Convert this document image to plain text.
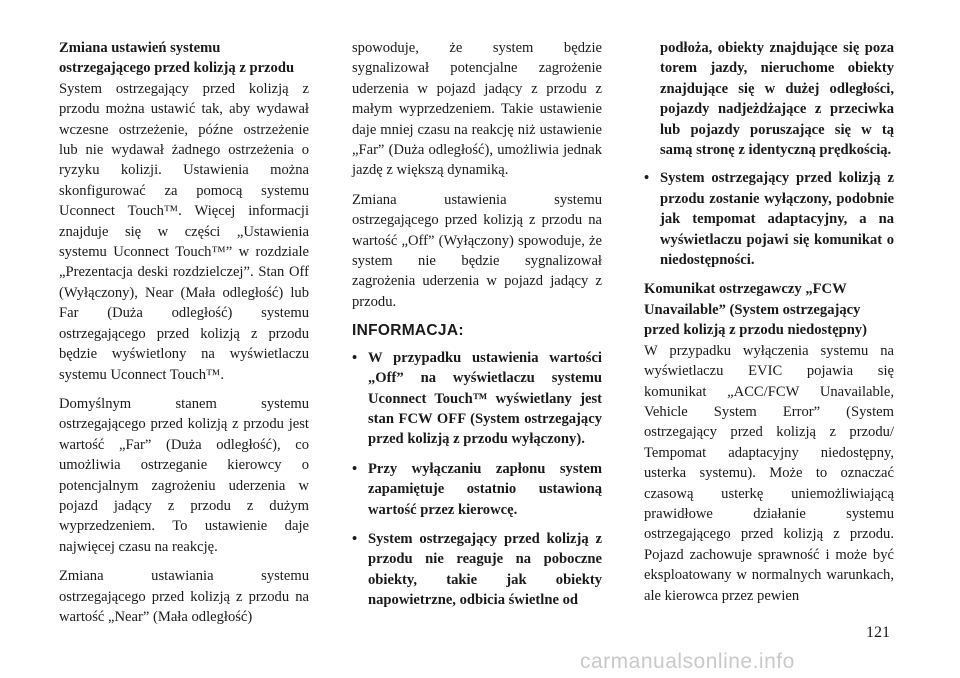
Zmiana ustawień systemu
ostrzegającego przed kolizją z przodu

System ostrzegający przed kolizją z przodu można ustawić tak, aby wydawał wczesne ostrzeżenie, późne ostrzeżenie lub nie wydawał żadnego ostrzeżenia o ryzyku kolizji. Ustawienia można skonfigurować za pomocą systemu Uconnect Touch™. Więcej informacji znajduje się w części „Ustawienia systemu Uconnect Touch™” w rozdziale „Prezentacja deski rozdzielczej”. Stan Off (Wyłączony), Near (Mała odległość) lub Far (Duża odległość) systemu ostrzegającego przed kolizją z przodu będzie wyświetlony na wyświetlaczu systemu Uconnect Touch™.

Domyślnym stanem systemu ostrzegającego przed kolizją z przodu jest wartość „Far” (Duża odległość), co umożliwia ostrzeganie kierowcy o potencjalnym zagrożeniu uderzenia w pojazd jadący z przodu z dużym wyprzedzeniem. To ustawienie daje najwięcej czasu na reakcję.

Zmiana ustawiania systemu ostrzegającego przed kolizją z przodu na wartość „Near” (Mała odległość)

spowoduje, że system będzie sygnalizował potencjalne zagrożenie uderzenia w pojazd jadący z przodu z małym wyprzedzeniem. Takie ustawienie daje mniej czasu na reakcję niż ustawienie „Far” (Duża odległość), umożliwia jednak jazdę z większą dynamiką.

Zmiana ustawienia systemu ostrzegającego przed kolizją z przodu na wartość „Off” (Wyłączony) spowoduje, że system nie będzie sygnalizował zagrożenia uderzenia w pojazd jadący z przodu.

INFORMACJA:
• W przypadku ustawienia wartości „Off” na wyświetlaczu systemu Uconnect Touch™ wyświetlany jest stan FCW OFF (System ostrzegający przed kolizją z przodu wyłączony).
• Przy wyłączaniu zapłonu system zapamiętuje ostatnio ustawioną wartość przez kierowcę.
• System ostrzegający przed kolizją z przodu nie reaguje na poboczne obiekty, takie jak obiekty napowietrzne, odbicia świetlne od
podłoża, obiekty znajdujące się poza torem jazdy, nieruchome obiekty znajdujące się w dużej odległości, pojazdy nadjeżdżające z przeciwka lub pojazdy poruszające się w tą samą stronę z identyczną prędkością.
• System ostrzegający przed kolizją z przodu zostanie wyłączony, podobnie jak tempomat adaptacyjny, a na wyświetlaczu pojawi się komunikat o niedostępności.
Komunikat ostrzegawczy „FCW
Unavailable” (System ostrzegający
przed kolizją z przodu niedostępny)

W przypadku wyłączenia systemu na wyświetlaczu EVIC pojawia się komunikat „ACC/FCW Unavailable, Vehicle System Error” (System ostrzegający przed kolizją z przodu/ Tempomat adaptacyjny niedostępny, usterka systemu). Może to oznaczać czasową usterkę uniemożliwiającą prawidłowe działanie systemu ostrzegającego przed kolizją z przodu. Pojazd zachowuje sprawność i może być eksploatowany w normalnych warunkach, ale kierowca przez pewien

121
carmanualsonline.info
